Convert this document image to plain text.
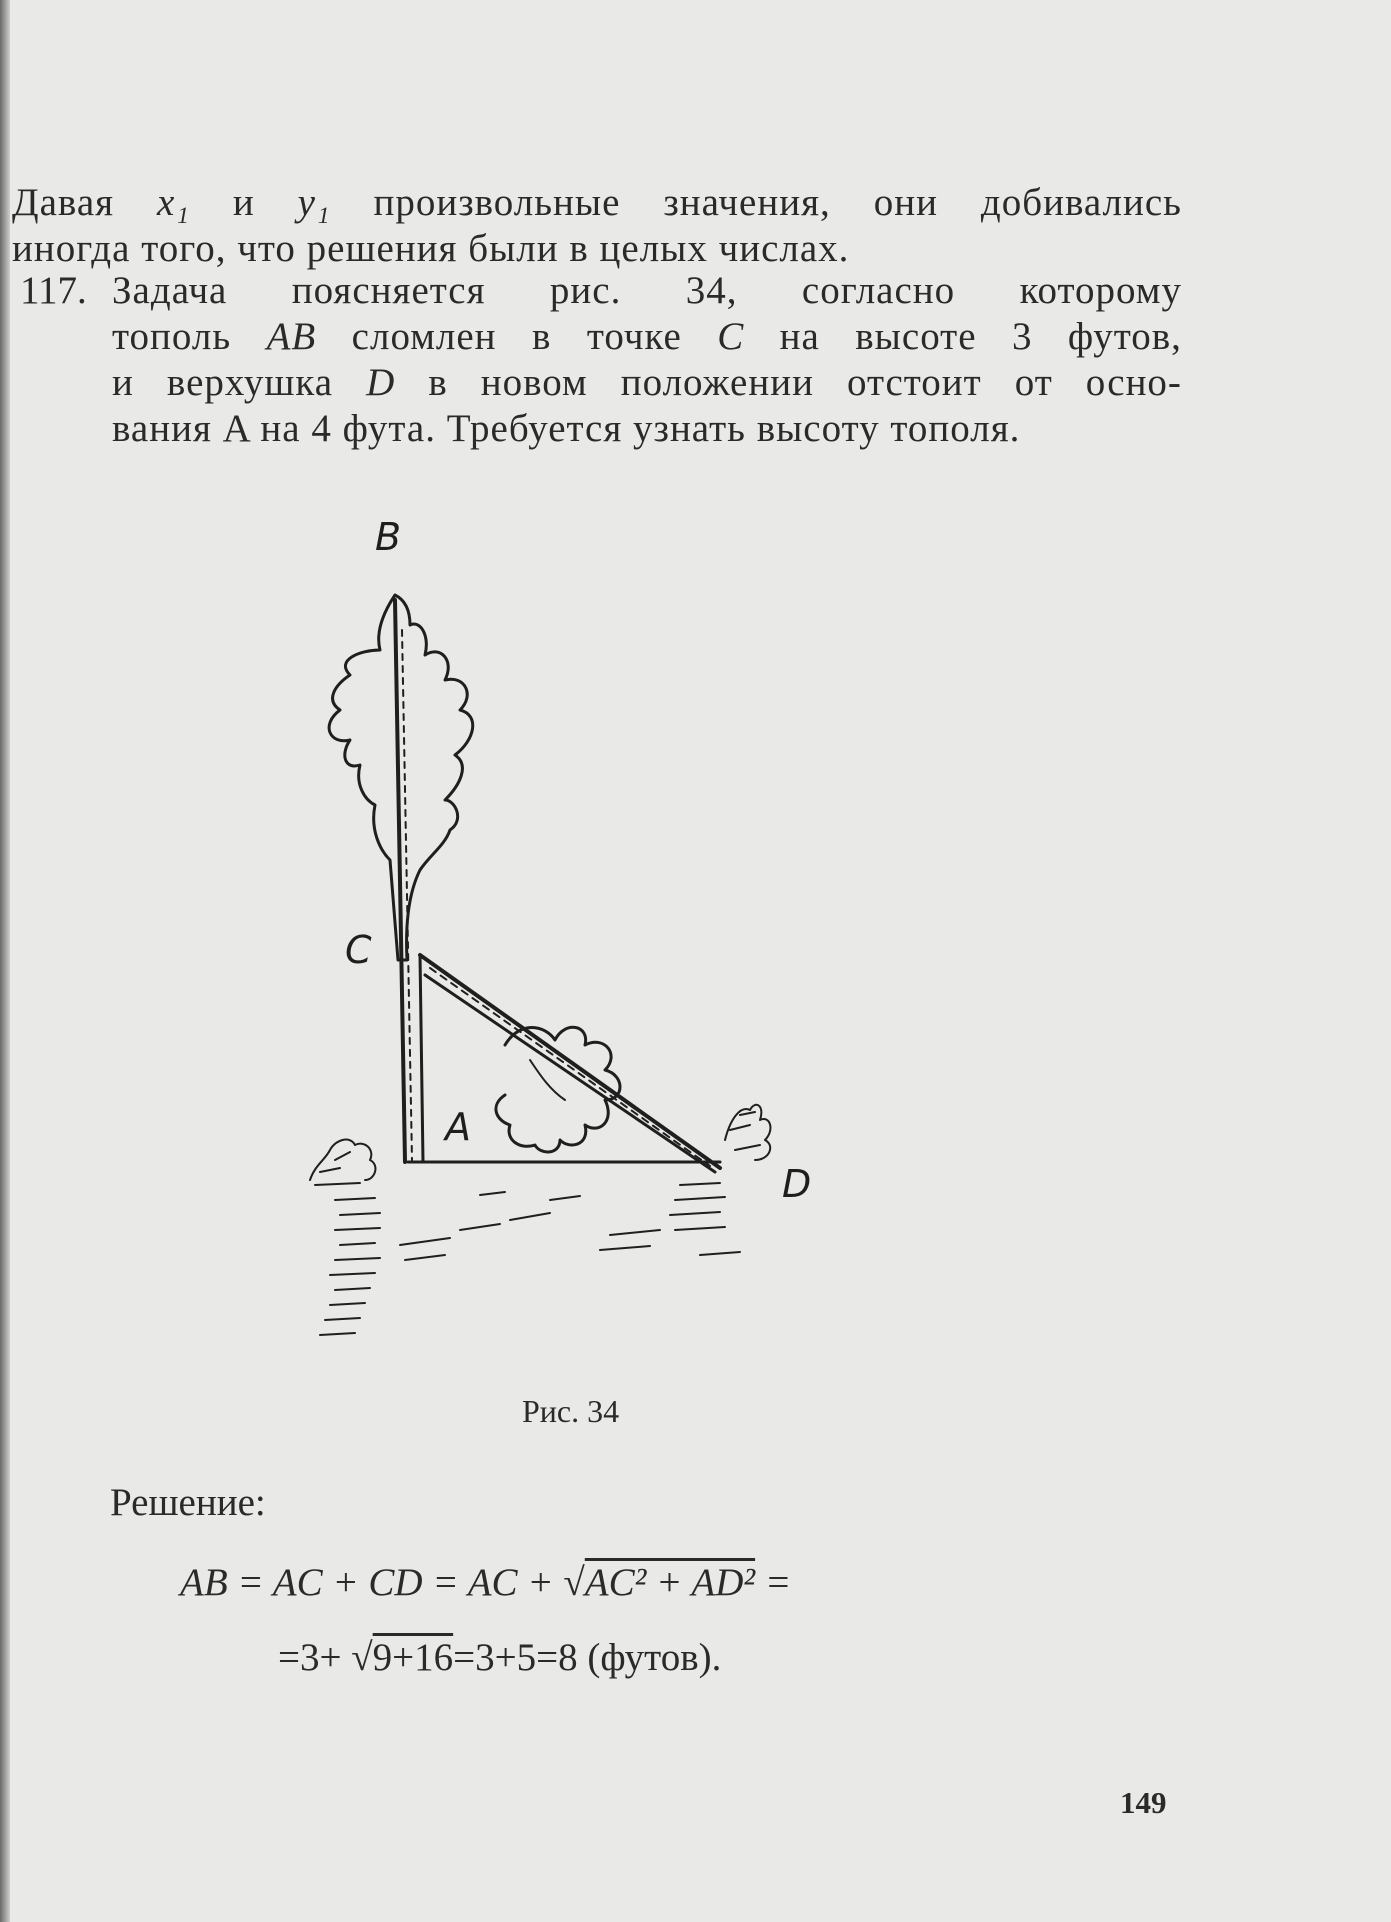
Давая x₁ и y₁ произвольные значения, они добивались
иногда того, что решения были в целых числах.
117. Задача поясняется рис. 34, согласно которому
тополь AB сломлен в точке C на высоте 3 футов,
и верхушка D в новом положении отстоит от осно-
вания A на 4 фута. Требуется узнать высоту тополя.
B
C
A
D
Рис. 34
Решение:
AB = AC + CD = AC + √AC² + AD² =
=3+ √9+16=3+5=8 (футов).
149
